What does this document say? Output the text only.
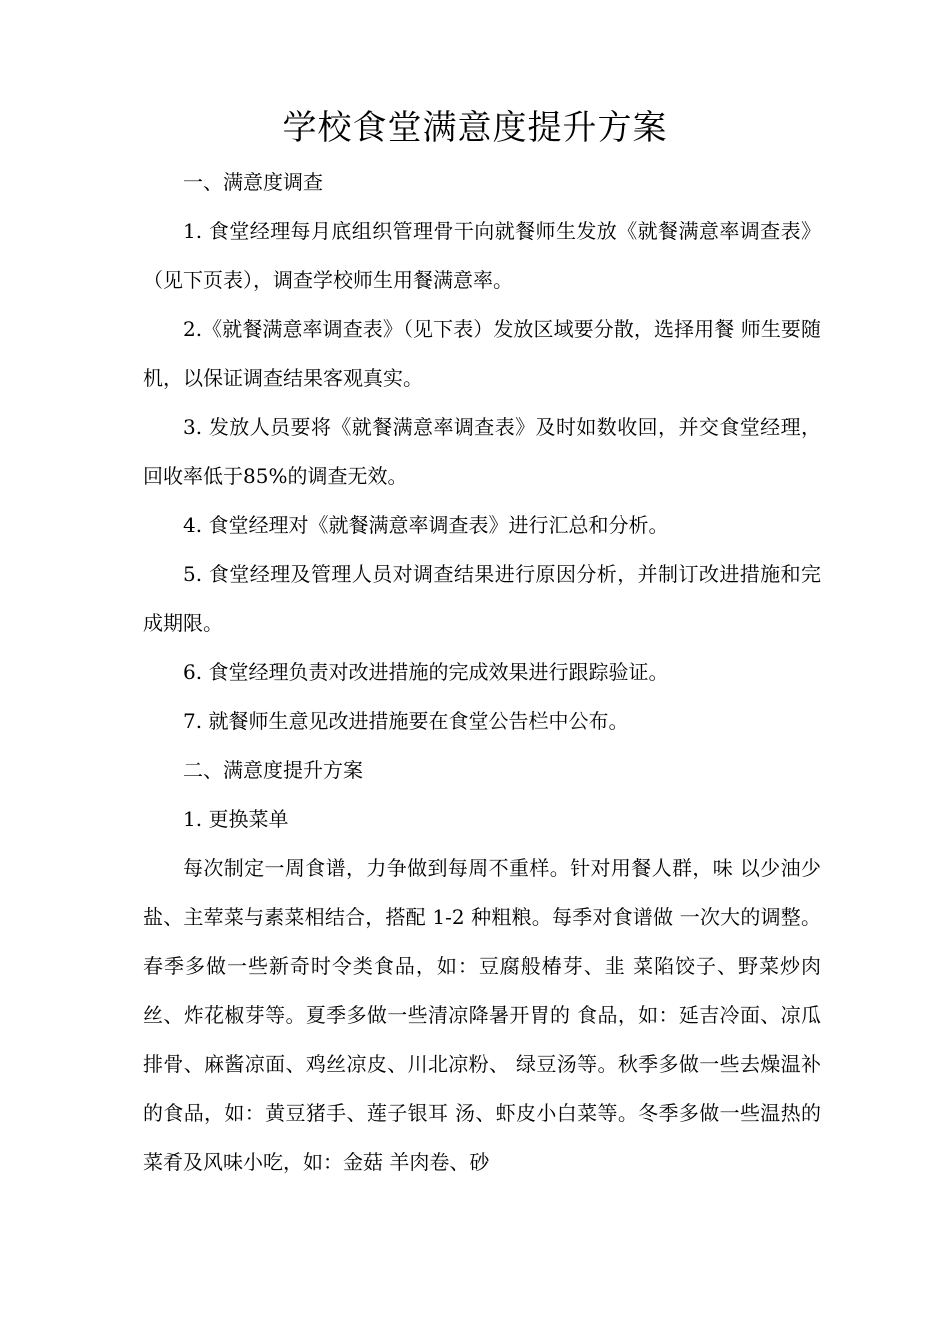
学校食堂满意度提升方案

一、满意度调查

1. 食堂经理每月底组织管理骨干向就餐师生发放《就餐满意率调查表》（见下页表），调查学校师生用餐满意率。

2.《就餐满意率调查表》（见下表）发放区域要分散，选择用餐 师生要随机，以保证调查结果客观真实。

3. 发放人员要将《就餐满意率调查表》及时如数收回，并交食堂经理，回收率低于85%的调查无效。

4. 食堂经理对《就餐满意率调查表》进行汇总和分析。

5. 食堂经理及管理人员对调查结果进行原因分析，并制订改进措施和完成期限。

6. 食堂经理负责对改进措施的完成效果进行跟踪验证。

7. 就餐师生意见改进措施要在食堂公告栏中公布。

二、满意度提升方案

1. 更换菜单

每次制定一周食谱，力争做到每周不重样。针对用餐人群，味 以少油少盐、主荤菜与素菜相结合，搭配 1-2 种粗粮。每季对食谱做 一次大的调整。春季多做一些新奇时令类食品，如：豆腐般椿芽、韭 菜陷饺子、野菜炒肉丝、炸花椒芽等。夏季多做一些清凉降暑开胃的 食品，如：延吉冷面、凉瓜排骨、麻酱凉面、鸡丝凉皮、川北凉粉、 绿豆汤等。秋季多做一些去燥温补的食品，如：黄豆猪手、莲子银耳 汤、虾皮小白菜等。冬季多做一些温热的菜肴及风味小吃，如：金菇 羊肉卷、砂
